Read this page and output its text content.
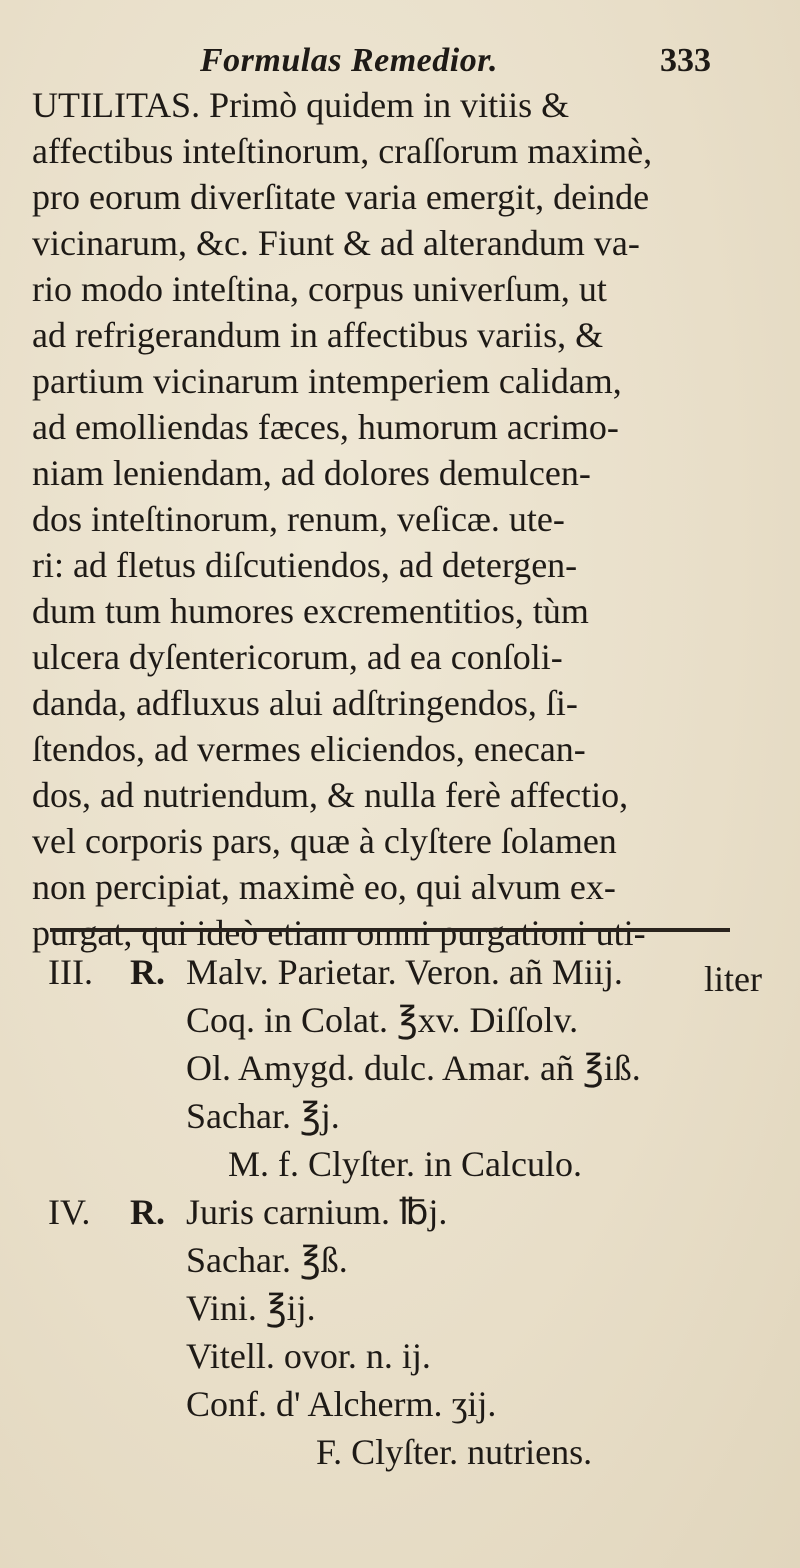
Formulas Remedior.	333
UTILITAS. Primò quidem in vitiis &
affectibus inteſtinorum, craſſorum maximè,
pro eorum diverſitate varia emergit, deinde
vicinarum, &c. Fiunt & ad alterandum va-
rio modo inteſtina, corpus univerſum, ut
ad refrigerandum in affectibus variis, &
partium vicinarum intemperiem calidam,
ad emolliendas fæces, humorum acrimo-
niam leniendam, ad dolores demulcen-
dos inteſtinorum, renum, veſicæ. ute-
ri: ad fletus diſcutiendos, ad detergen-
dum tum humores excrementitios, tùm
ulcera dyſentericorum, ad ea conſoli-
danda, adfluxus alui adſtringendos, ſi-
ſtendos, ad vermes eliciendos, enecan-
dos, ad nutriendum, & nulla ferè affectio,
vel corporis pars, quæ à clyſtere ſolamen
non percipiat, maximè eo, qui alvum ex-
purgat, qui ideò etiam omni purgationi uti-
liter
III. R. Malv. Parietar. Veron. añ Miij.
Coq. in Colat. ℥xv. Diſſolv.
Ol. Amygd. dulc. Amar. añ ℥iß.
Sachar. ℥j.
M. f. Clyſter. in Calculo.
IV. R. Juris carnium. ℔j.
Sachar. ℥ß.
Vini. ℥ij.
Vitell. ovor. n. ij.
Conf. d' Alcherm. ʒij.
F. Clyſter. nutriens.
